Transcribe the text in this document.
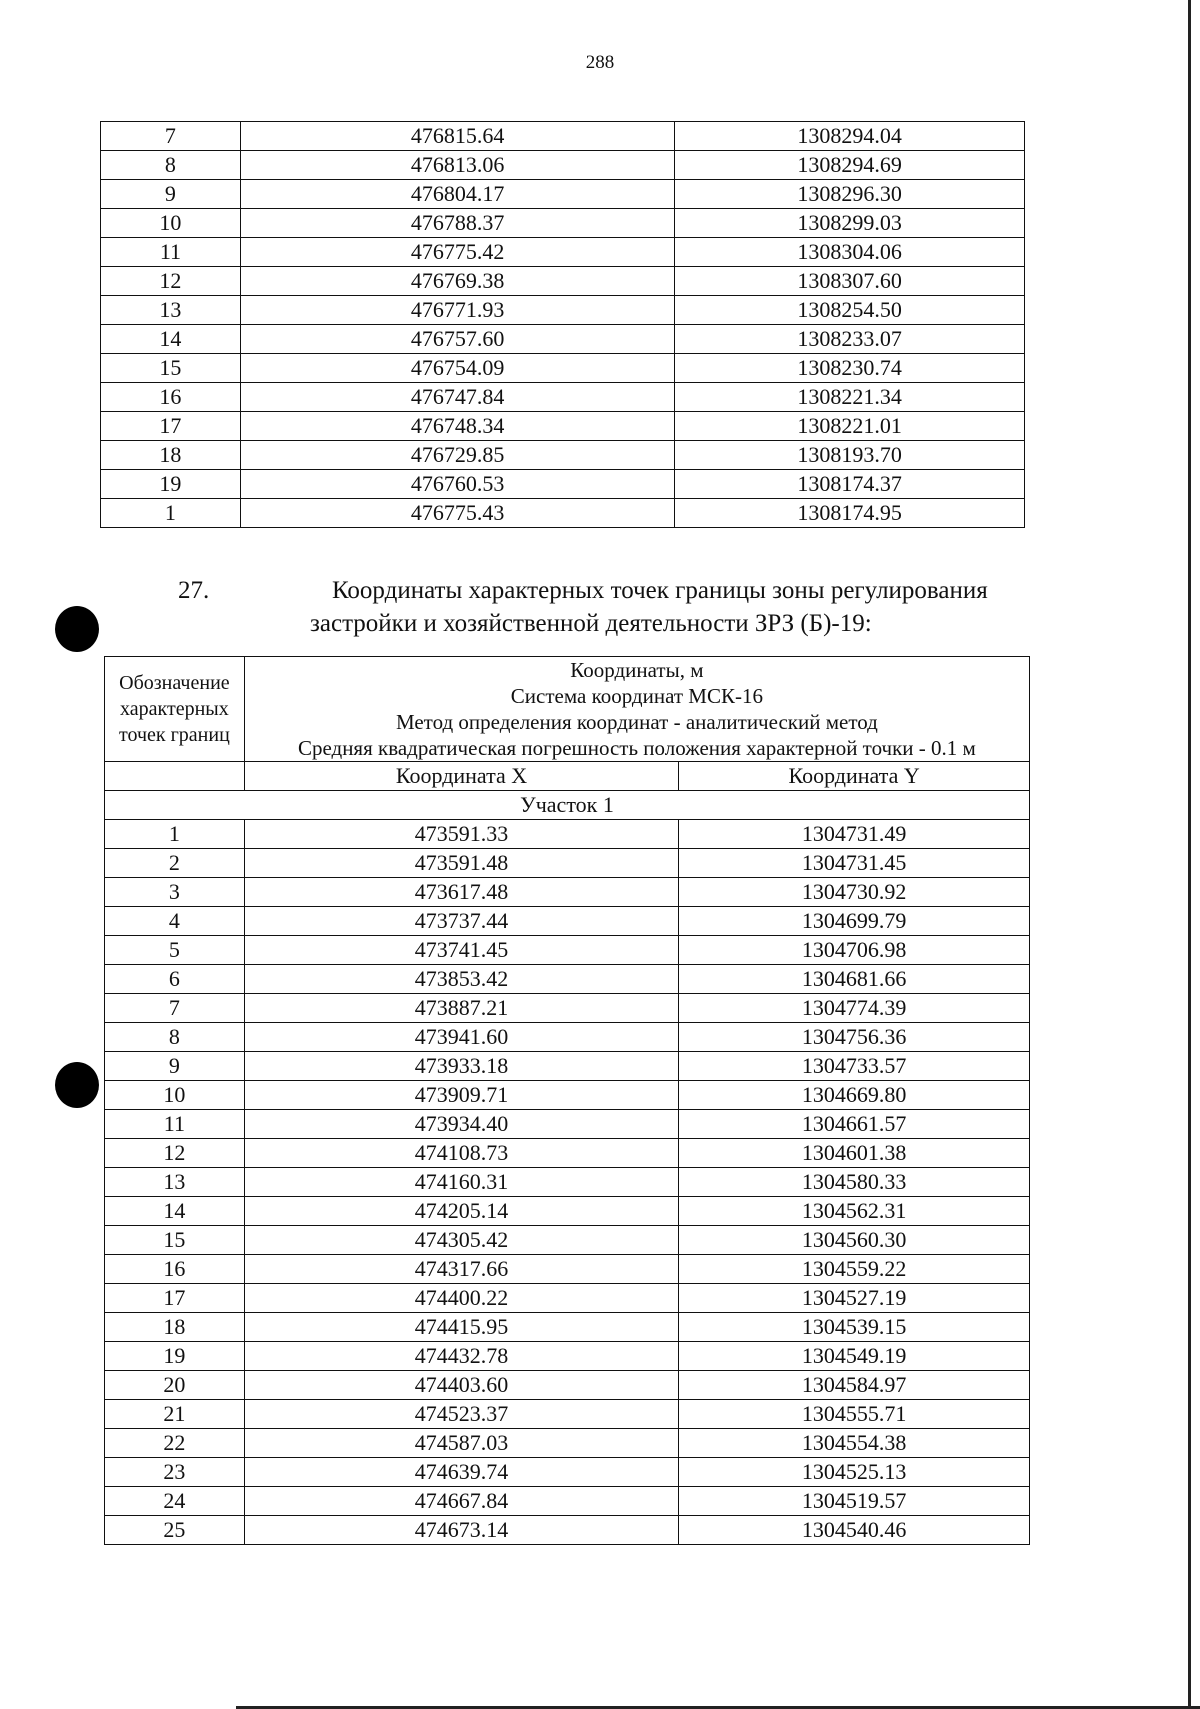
288
7	476815.64	1308294.04
8	476813.06	1308294.69
9	476804.17	1308296.30
10	476788.37	1308299.03
11	476775.42	1308304.06
12	476769.38	1308307.60
13	476771.93	1308254.50
14	476757.60	1308233.07
15	476754.09	1308230.74
16	476747.84	1308221.34
17	476748.34	1308221.01
18	476729.85	1308193.70
19	476760.53	1308174.37
1	476775.43	1308174.95
27.	Координаты характерных точек границы зоны регулирования
застройки и хозяйственной деятельности ЗРЗ (Б)-19:
Обозначение характерных точек границ	Координаты, м
Система координат МСК-16
Метод определения координат - аналитический метод
Средняя квадратическая погрешность положения характерной точки - 0.1 м	

	Координата X	Координата Y
Участок 1		
1	473591.33	1304731.49
2	473591.48	1304731.45
3	473617.48	1304730.92
4	473737.44	1304699.79
5	473741.45	1304706.98
6	473853.42	1304681.66
7	473887.21	1304774.39
8	473941.60	1304756.36
9	473933.18	1304733.57
10	473909.71	1304669.80
11	473934.40	1304661.57
12	474108.73	1304601.38
13	474160.31	1304580.33
14	474205.14	1304562.31
15	474305.42	1304560.30
16	474317.66	1304559.22
17	474400.22	1304527.19
18	474415.95	1304539.15
19	474432.78	1304549.19
20	474403.60	1304584.97
21	474523.37	1304555.71
22	474587.03	1304554.38
23	474639.74	1304525.13
24	474667.84	1304519.57
25	474673.14	1304540.46
